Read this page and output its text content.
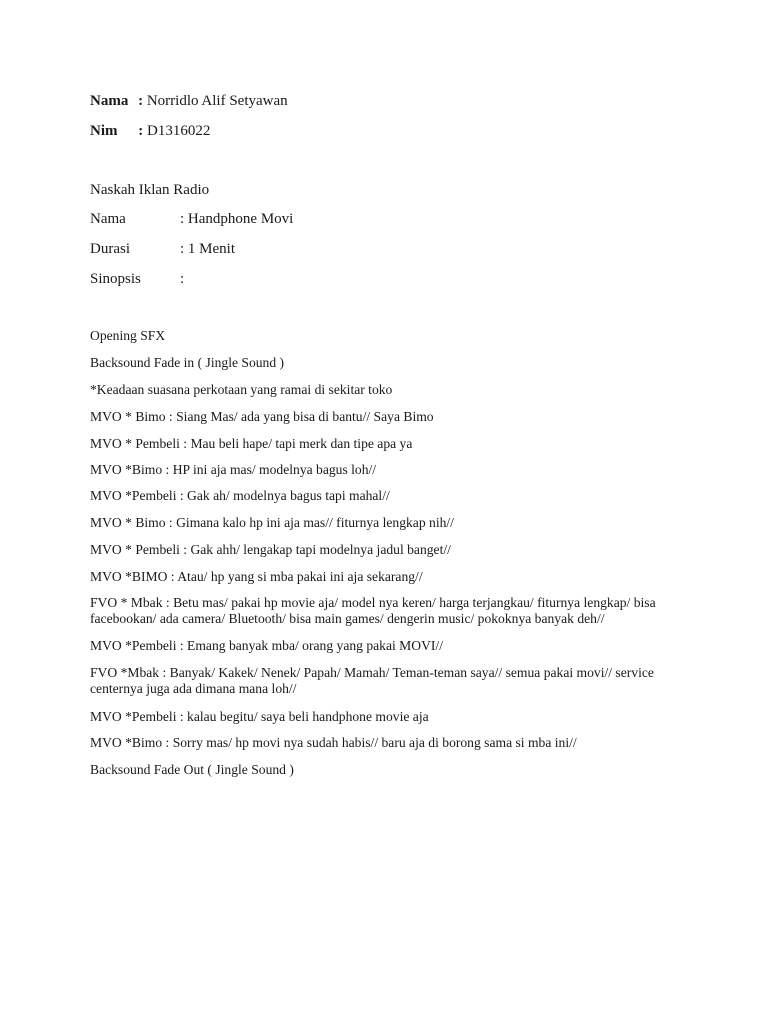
Nama : Norridlo Alif Setyawan
Nim : D1316022
Naskah Iklan Radio
Nama	: Handphone Movi
Durasi	: 1 Menit
Sinopsis	:
Opening SFX
Backsound Fade in ( Jingle Sound )
*Keadaan suasana perkotaan yang ramai di sekitar toko
MVO * Bimo : Siang Mas/ ada yang bisa di bantu// Saya Bimo
MVO * Pembeli : Mau beli hape/ tapi merk dan tipe apa ya
MVO *Bimo : HP ini aja mas/ modelnya bagus loh//
MVO *Pembeli : Gak ah/ modelnya bagus tapi mahal//
MVO * Bimo : Gimana kalo hp ini aja mas// fiturnya lengkap nih//
MVO * Pembeli : Gak ahh/ lengakap tapi modelnya jadul banget//
MVO *BIMO : Atau/ hp yang si mba pakai ini aja sekarang//
FVO * Mbak : Betu mas/ pakai hp movie aja/ model nya keren/ harga terjangkau/ fiturnya lengkap/ bisa facebookan/ ada camera/ Bluetooth/ bisa main games/ dengerin music/ pokoknya banyak deh//
MVO *Pembeli : Emang banyak mba/ orang yang pakai MOVI//
FVO *Mbak : Banyak/ Kakek/ Nenek/ Papah/ Mamah/ Teman-teman saya// semua pakai movi// service centernya juga ada dimana mana loh//
MVO *Pembeli : kalau begitu/ saya beli handphone movie aja
MVO *Bimo : Sorry mas/ hp movi nya sudah habis// baru aja di borong sama si mba ini//
Backsound Fade Out ( Jingle Sound )
